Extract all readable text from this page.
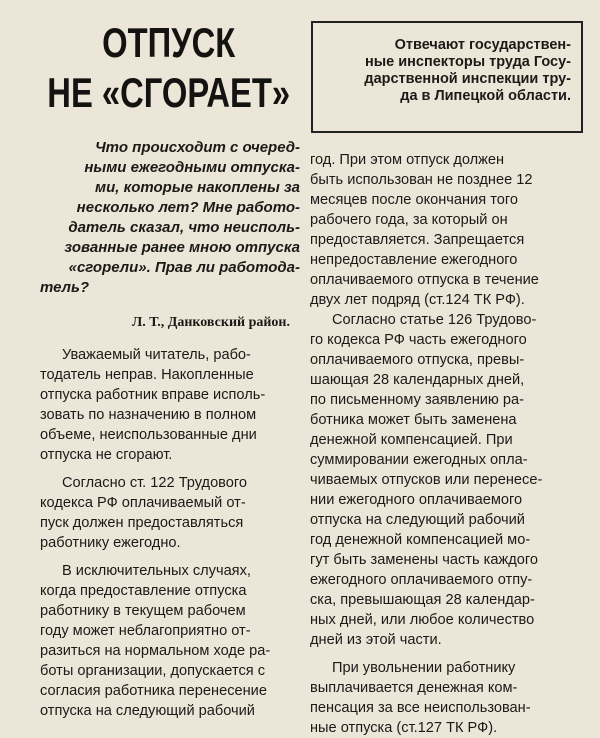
ОТПУСК
НЕ «СГОРАЕТ»
Отвечают государствен-
ные инспекторы труда Госу-
дарственной инспекции тру-
да в Липецкой области.
Что происходит с очеред-
ными ежегодными отпуска-
ми, которые накоплены за
несколько лет? Мне работо-
датель сказал, что неисполь-
зованные ранее мною отпуска
«сгорели». Прав ли работода-
тель?
Л. Т., Данковский район.
Уважаемый читатель, рабо-
тодатель неправ. Накопленные
отпуска работник вправе исполь-
зовать по назначению в полном
объеме, неиспользованные дни
отпуска не сгорают.
Согласно ст. 122 Трудового
кодекса РФ оплачиваемый от-
пуск должен предоставляться
работнику ежегодно.
В исключительных случаях,
когда предоставление отпуска
работнику в текущем рабочем
году может неблагоприятно от-
разиться на нормальном ходе ра-
боты организации, допускается с
согласия работника перенесение
отпуска на следующий рабочий
год. При этом отпуск должен
быть использован не позднее 12
месяцев после окончания того
рабочего года, за который он
предоставляется. Запрещается
непредоставление ежегодного
оплачиваемого отпуска в течение
двух лет подряд (ст.124 ТК РФ).
Согласно статье 126 Трудово-
го кодекса РФ часть ежегодного
оплачиваемого отпуска, превы-
шающая 28 календарных дней,
по письменному заявлению ра-
ботника может быть заменена
денежной компенсацией. При
суммировании ежегодных опла-
чиваемых отпусков или перенесе-
нии ежегодного оплачиваемого
отпуска на следующий рабочий
год денежной компенсацией мо-
гут быть заменены часть каждого
ежегодного оплачиваемого отпу-
ска, превышающая 28 календар-
ных дней, или любое количество
дней из этой части.
При увольнении работнику
выплачивается денежная ком-
пенсация за все неиспользован-
ные отпуска (ст.127 ТК РФ).
